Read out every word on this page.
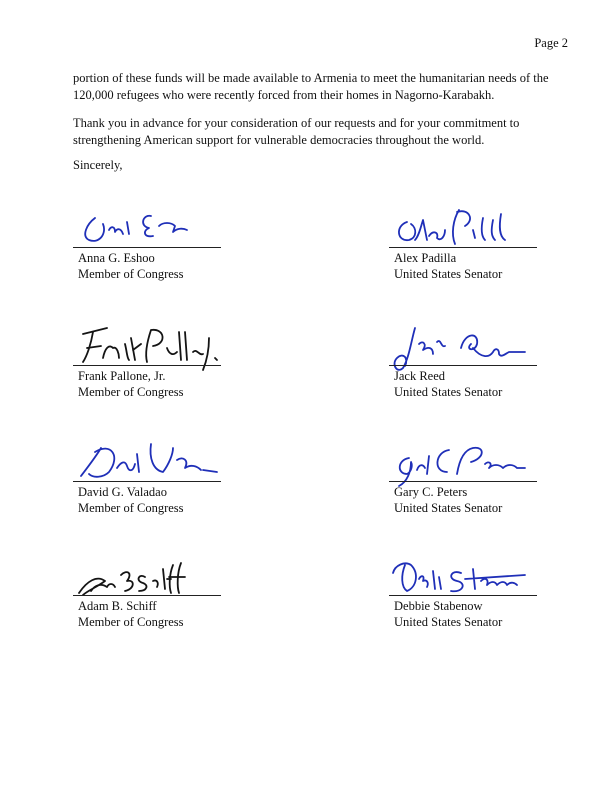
Page 2

portion of these funds will be made available to Armenia to meet the humanitarian needs of the 120,000 refugees who were recently forced from their homes in Nagorno-Karabakh.

Thank you in advance for your consideration of our requests and for your commitment to strengthening American support for vulnerable democracies throughout the world.

Sincerely,

Anna G. Eshoo
Member of Congress
Alex Padilla
United States Senator
Frank Pallone, Jr.
Member of Congress
Jack Reed
United States Senator
David G. Valadao
Member of Congress
Gary C. Peters
United States Senator
Adam B. Schiff
Member of Congress
Debbie Stabenow
United States Senator
